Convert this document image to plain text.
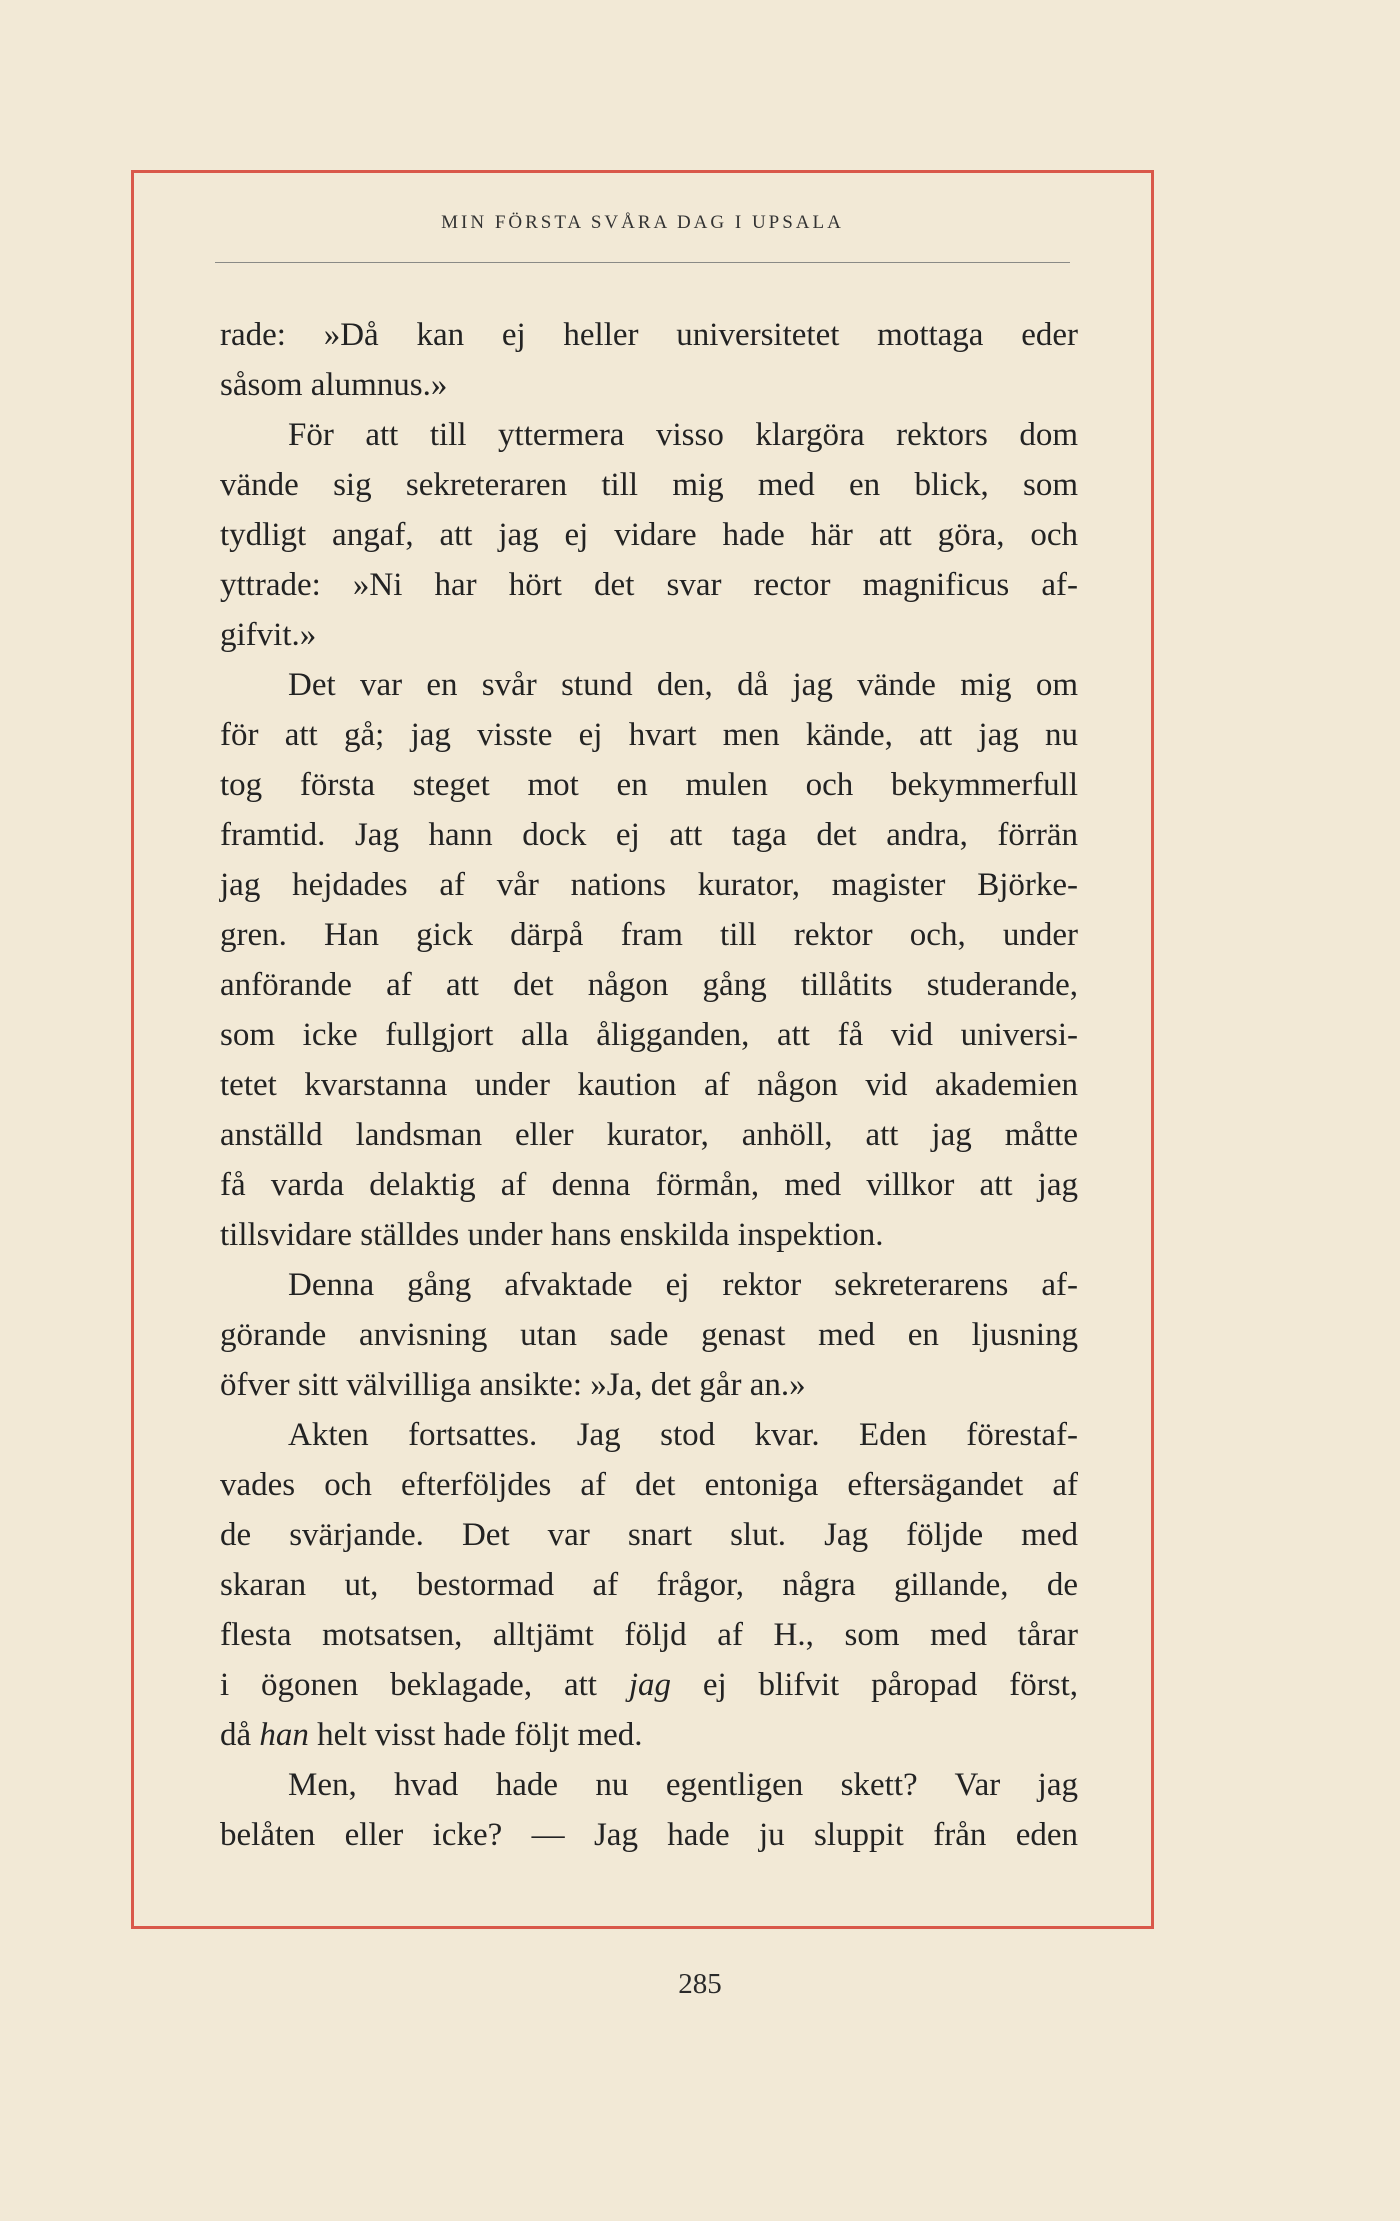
MIN FÖRSTA SVÅRA DAG I UPSALA
rade: »Då kan ej heller universitetet mottaga eder
såsom alumnus.»
För att till yttermera visso klargöra rektors dom
vände sig sekreteraren till mig med en blick, som
tydligt angaf, att jag ej vidare hade här att göra, och
yttrade: »Ni har hört det svar rector magnificus af-
gifvit.»
Det var en svår stund den, då jag vände mig om
för att gå; jag visste ej hvart men kände, att jag nu
tog första steget mot en mulen och bekymmerfull
framtid. Jag hann dock ej att taga det andra, förrän
jag hejdades af vår nations kurator, magister Björke-
gren. Han gick därpå fram till rektor och, under
anförande af att det någon gång tillåtits studerande,
som icke fullgjort alla åligganden, att få vid universi-
tetet kvarstanna under kaution af någon vid akademien
anställd landsman eller kurator, anhöll, att jag måtte
få varda delaktig af denna förmån, med villkor att jag
tillsvidare ställdes under hans enskilda inspektion.
Denna gång afvaktade ej rektor sekreterarens af-
görande anvisning utan sade genast med en ljusning
öfver sitt välvilliga ansikte: »Ja, det går an.»
Akten fortsattes. Jag stod kvar. Eden förestaf-
vades och efterföljdes af det entoniga eftersägandet af
de svärjande. Det var snart slut. Jag följde med
skaran ut, bestormad af frågor, några gillande, de
flesta motsatsen, alltjämt följd af H., som med tårar
i ögonen beklagade, att jag ej blifvit påropad först,
då han helt visst hade följt med.
Men, hvad hade nu egentligen skett? Var jag
belåten eller icke? — Jag hade ju sluppit från eden
285
